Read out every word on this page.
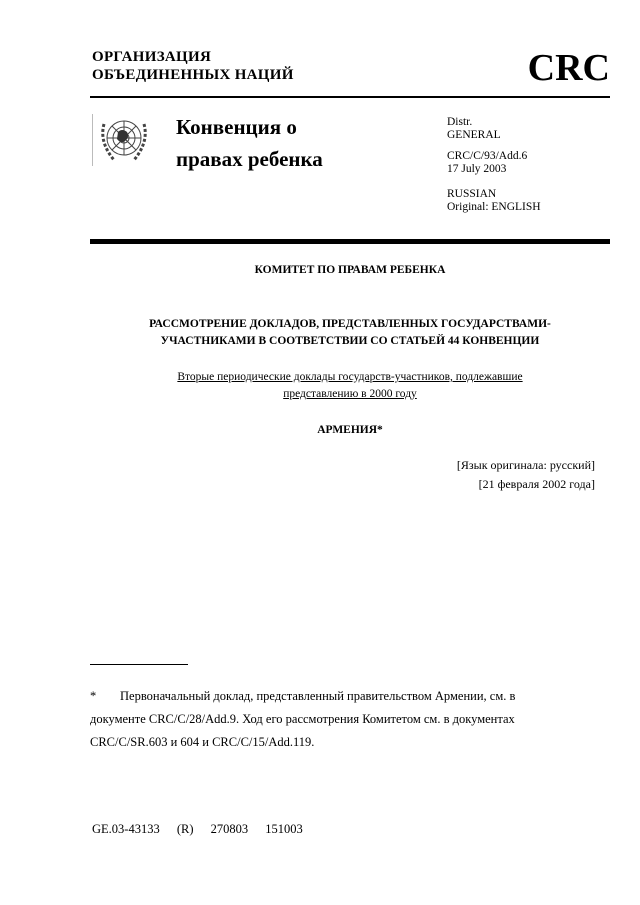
ОРГАНИЗАЦИЯ
ОБЪЕДИНЕННЫХ НАЦИЙ	CRC
Конвенция о
правах ребенка
Distr.
GENERAL
CRC/C/93/Add.6
17 July 2003
RUSSIAN
Original: ENGLISH
КОМИТЕТ ПО ПРАВАМ РЕБЕНКА
РАССМОТРЕНИЕ ДОКЛАДОВ, ПРЕДСТАВЛЕННЫХ ГОСУДАРСТВАМИ-
УЧАСТНИКАМИ В СООТВЕТСТВИИ СО СТАТЬЕЙ 44 КОНВЕНЦИИ
Вторые периодические доклады государств-участников, подлежавшие
представлению в 2000 году
АРМЕНИЯ*
[Язык оригинала: русский]
[21 февраля 2002 года]
* Первоначальный доклад, представленный правительством Армении, см. в документе CRC/C/28/Add.9. Ход его рассмотрения Комитетом см. в документах CRC/C/SR.603 и 604 и CRC/C/15/Add.119.
GE.03-43133 (R) 270803 151003
